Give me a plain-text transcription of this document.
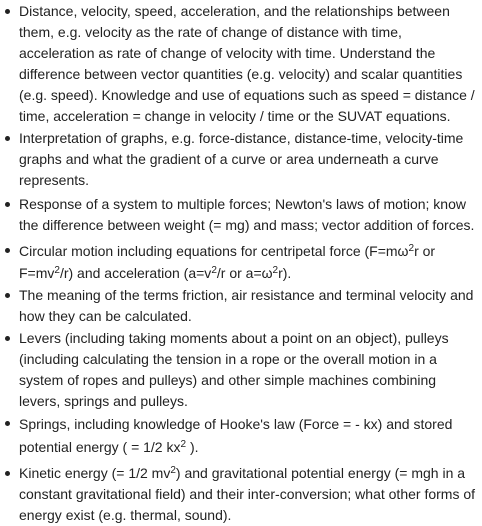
Distance, velocity, speed, acceleration, and the relationships between them, e.g. velocity as the rate of change of distance with time, acceleration as rate of change of velocity with time. Understand the difference between vector quantities (e.g. velocity) and scalar quantities (e.g. speed). Knowledge and use of equations such as speed = distance / time, acceleration = change in velocity / time or the SUVAT equations.
Interpretation of graphs, e.g. force-distance, distance-time, velocity-time graphs and what the gradient of a curve or area underneath a curve represents.
Response of a system to multiple forces; Newton's laws of motion; know the difference between weight (= mg) and mass; vector addition of forces.
Circular motion including equations for centripetal force ($F=m\omega^2r$ or $F=mv^2/r$) and acceleration ($a=v^2/r$ or $a=\omega^2r$).
The meaning of the terms friction, air resistance and terminal velocity and how they can be calculated.
Levers (including taking moments about a point on an object), pulleys (including calculating the tension in a rope or the overall motion in a system of ropes and pulleys) and other simple machines combining levers, springs and pulleys.
Springs, including knowledge of Hooke's law (Force = - kx) and stored potential energy ( = 1/2 $kx^2$ ).
Kinetic energy (= 1/2 $mv^2$) and gravitational potential energy (= mgh in a constant gravitational field) and their inter-conversion; what other forms of energy exist (e.g. thermal, sound).
